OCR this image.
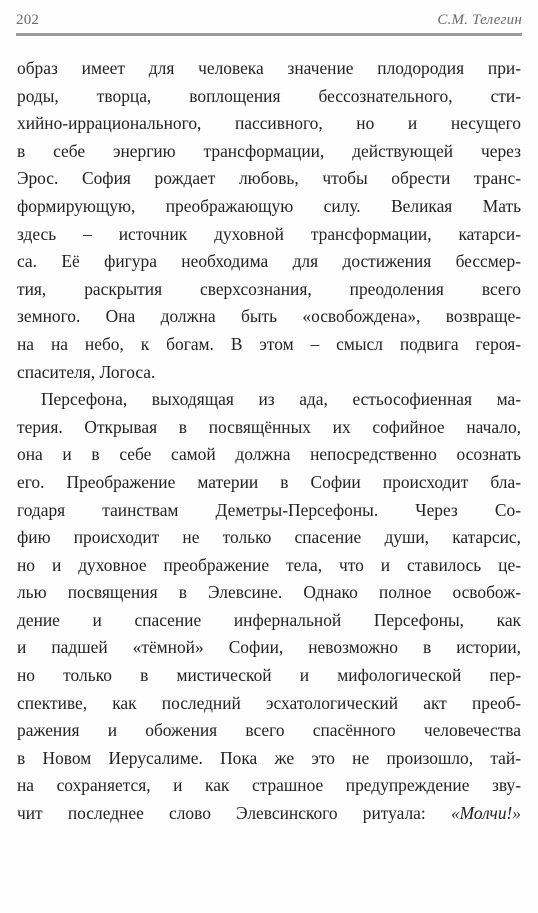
202	С.М. Телегин
образ имеет для человека значение плодородия при-
роды, творца, воплощения бессознательного, сти-
хийно-иррационального, пассивного, но и несущего
в себе энергию трансформации, действующей через
Эрос. София рождает любовь, чтобы обрести транс-
формирующую, преображающую силу. Великая Мать
здесь – источник духовной трансформации, катарси-
са. Её фигура необходима для достижения бессмер-
тия, раскрытия сверхсознания, преодоления всего
земного. Она должна быть «освобождена», возвраще-
на на небо, к богам. В этом – смысл подвига героя-
спасителя, Логоса.
Персефона, выходящая из ада, естьософиенная ма-
терия. Открывая в посвящённых их софийное начало,
она и в себе самой должна непосредственно осознать
его. Преображение материи в Софии происходит бла-
годаря таинствам Деметры-Персефоны. Через Со-
фию происходит не только спасение души, катарсис,
но и духовное преображение тела, что и ставилось це-
лью посвящения в Элевсине. Однако полное освобож-
дение и спасение инфернальной Персефоны, как
и падшей «тёмной» Софии, невозможно в истории,
но только в мистической и мифологической пер-
спективе, как последний эсхатологический акт преоб-
ражения и обожения всего спасённого человечества
в Новом Иерусалиме. Пока же это не произошло, тай-
на сохраняется, и как страшное предупреждение зву-
чит последнее слово Элевсинского ритуала: «Молчи!»
